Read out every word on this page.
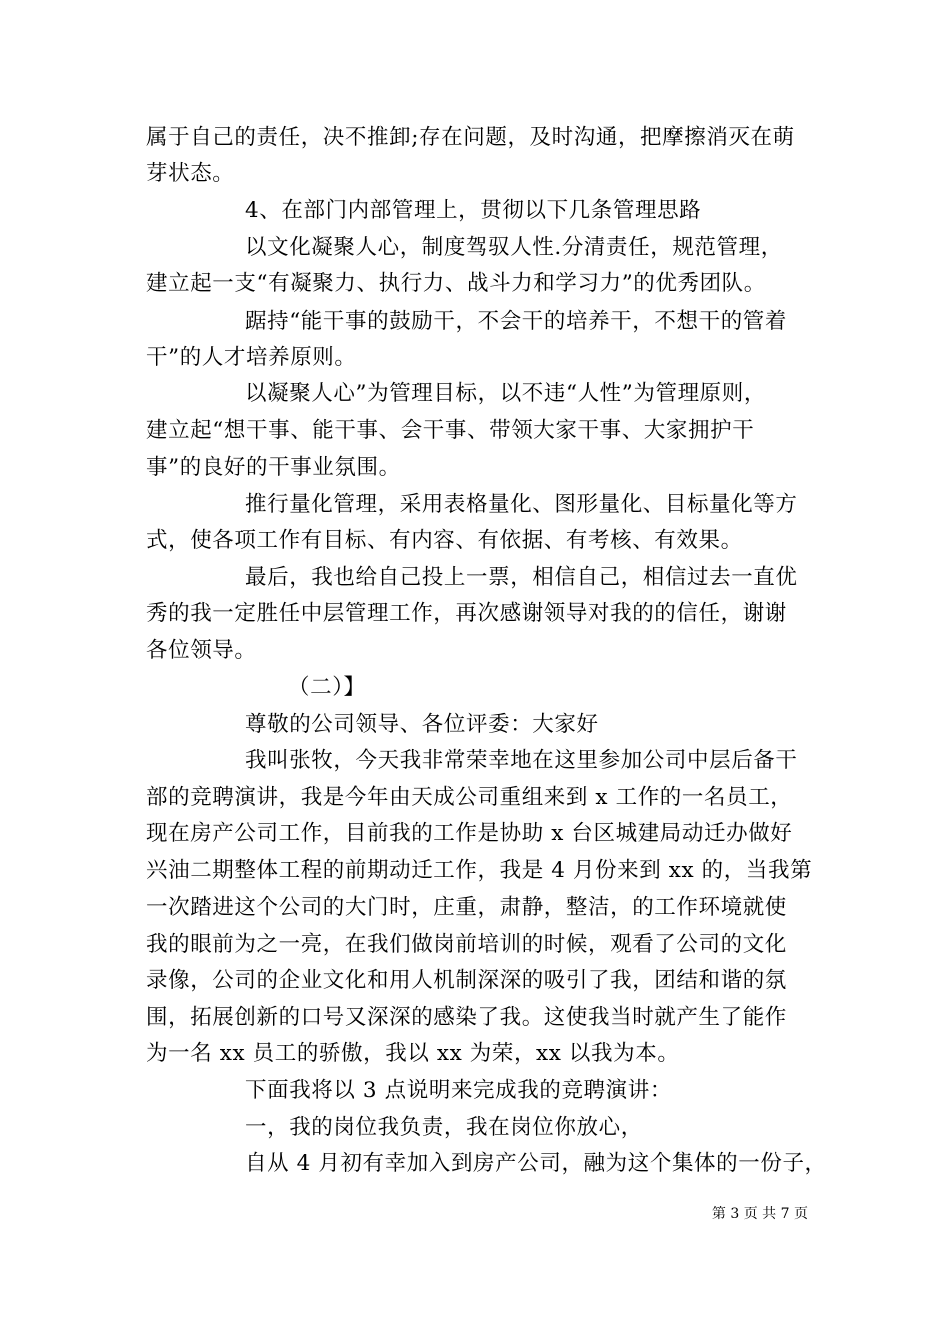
属于自己的责任，决不推卸;存在问题，及时沟通，把摩擦消灭在萌
芽状态。
4、在部门内部管理上，贯彻以下几条管理思路
以文化凝聚人心，制度驾驭人性.分清责任，规范管理，
建立起一支“有凝聚力、执行力、战斗力和学习力”的优秀团队。
踞持“能干事的鼓励干，不会干的培养干，不想干的管着
干”的人才培养原则。
以凝聚人心”为管理目标，以不违“人性”为管理原则，
建立起“想干事、能干事、会干事、带领大家干事、大家拥护干
事”的良好的干事业氛围。
推行量化管理，采用表格量化、图形量化、目标量化等方
式，使各项工作有目标、有内容、有依据、有考核、有效果。
最后，我也给自己投上一票，相信自己，相信过去一直优
秀的我一定胜任中层管理工作，再次感谢领导对我的的信任，谢谢
各位领导。
（二）】
尊敬的公司领导、各位评委：大家好
我叫张牧，今天我非常荣幸地在这里参加公司中层后备干
部的竞聘演讲，我是今年由天成公司重组来到 x 工作的一名员工，
现在房产公司工作，目前我的工作是协助 x 台区城建局动迁办做好
兴油二期整体工程的前期动迁工作，我是 4 月份来到 xx 的，当我第
一次踏进这个公司的大门时，庄重，肃静，整洁，的工作环境就使
我的眼前为之一亮，在我们做岗前培训的时候，观看了公司的文化
录像，公司的企业文化和用人机制深深的吸引了我，团结和谐的氛
围，拓展创新的口号又深深的感染了我。这使我当时就产生了能作
为一名 xx 员工的骄傲，我以 xx 为荣，xx 以我为本。
下面我将以 3 点说明来完成我的竞聘演讲：
一，我的岗位我负责，我在岗位你放心，
自从 4 月初有幸加入到房产公司，融为这个集体的一份子，
第 3 页 共 7 页
